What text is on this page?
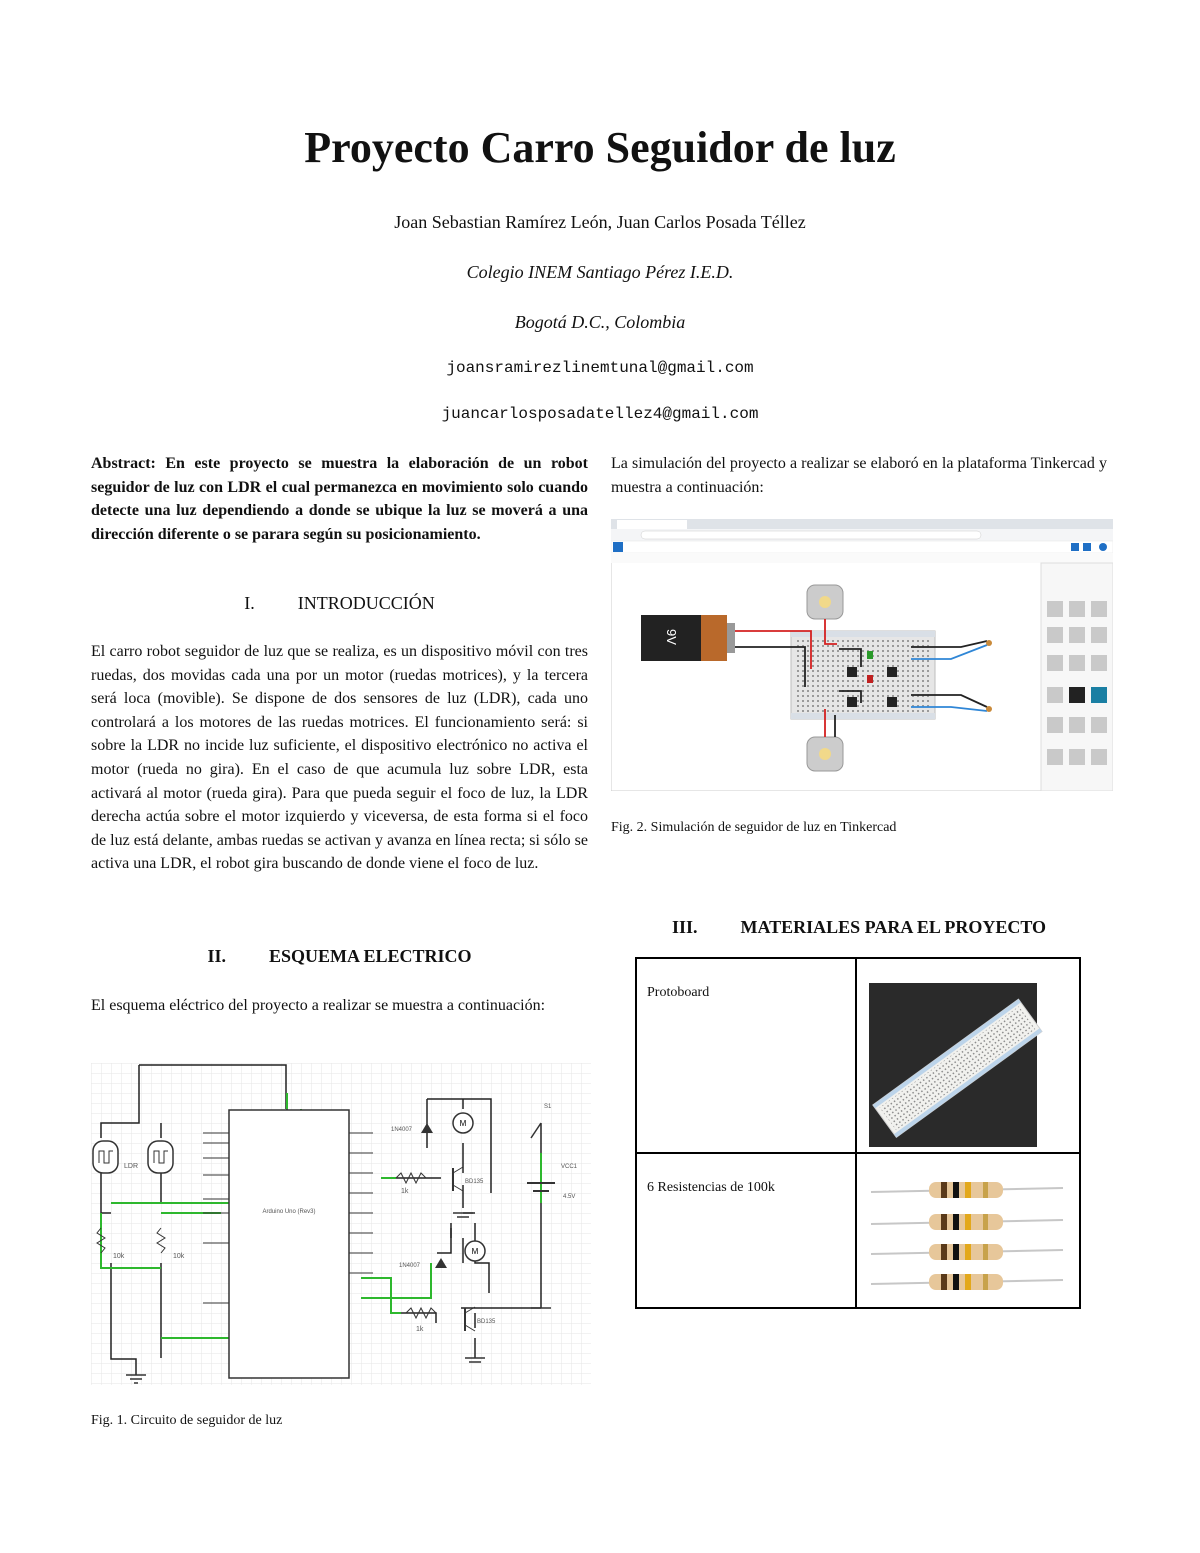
Proyecto Carro Seguidor de luz
Joan Sebastian Ramírez León, Juan Carlos Posada Téllez
Colegio INEM Santiago Pérez I.E.D.
Bogotá D.C., Colombia
joansramirezlinemtunal@gmail.com
juancarlosposadatellez4@gmail.com
Abstract: En este proyecto se muestra la elaboración de un robot seguidor de luz con LDR el cual permanezca en movimiento solo cuando detecte una luz dependiendo a donde se ubique la luz se moverá a una dirección diferente o se parara según su posicionamiento.
I. INTRODUCCIÓN
El carro robot seguidor de luz que se realiza, es un dispositivo móvil con tres ruedas, dos movidas cada una por un motor (ruedas motrices), y la tercera será loca (movible). Se dispone de dos sensores de luz (LDR), cada uno controlará a los motores de las ruedas motrices. El funcionamiento será: si sobre la LDR no incide luz suficiente, el dispositivo electrónico no activa el motor (rueda no gira). En el caso de que acumula luz sobre LDR, esta activará al motor (rueda gira). Para que pueda seguir el foco de luz, la LDR derecha actúa sobre el motor izquierdo y viceversa, de esta forma si el foco de luz está delante, ambas ruedas se activan y avanza en línea recta; si sólo se activa una LDR, el robot gira buscando de donde viene el foco de luz.
II. ESQUEMA ELECTRICO
El esquema eléctrico del proyecto a realizar se muestra a continuación:
Arduino Uno (Rev3)
LDR
10k	10k
M
M
1N4007
1N4007
BD135
BD135
1k
1k
S1
VCC1
4.5V
Fig. 1. Circuito de seguidor de luz
La simulación del proyecto a realizar se elaboró en la plataforma Tinkercad y muestra a continuación:
9V
Fig. 2. Simulación de seguidor de luz en Tinkercad
III. MATERIALES PARA EL PROYECTO
Protoboard

6 Resistencias de 100k
